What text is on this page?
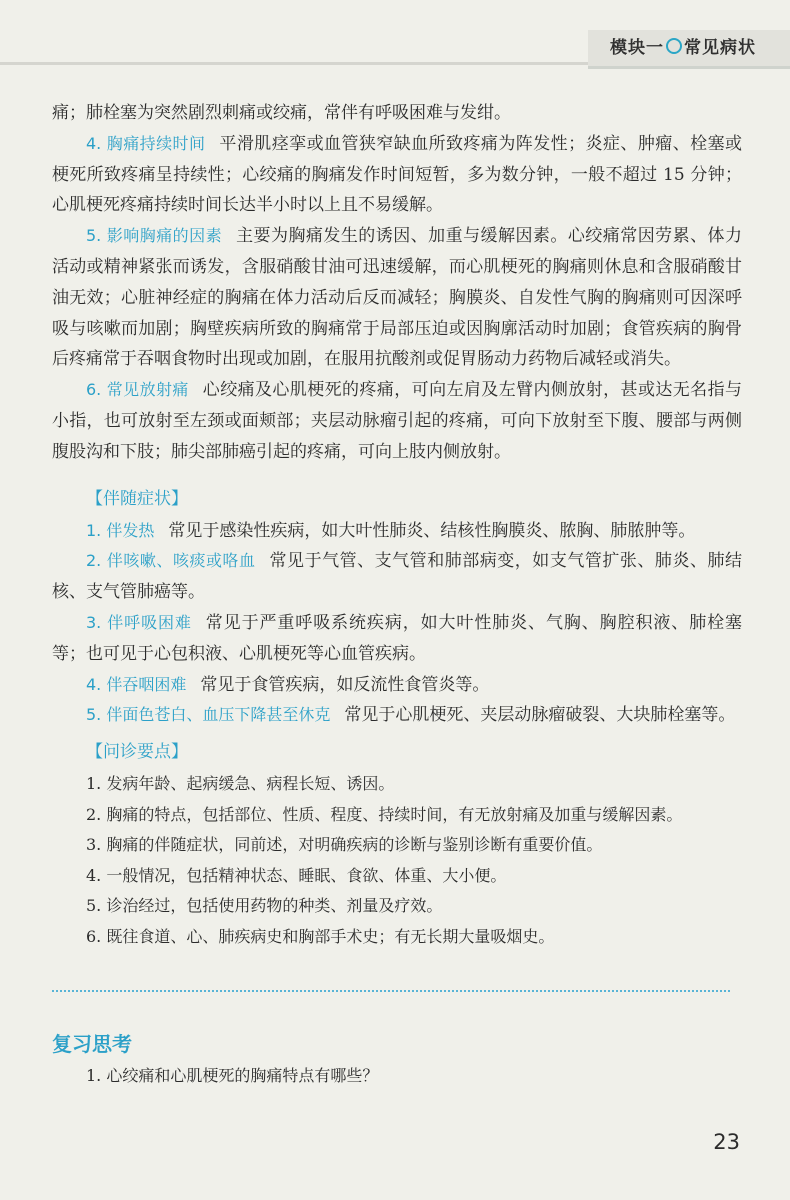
模块一 常见病状

痛；肺栓塞为突然剧烈刺痛或绞痛，常伴有呼吸困难与发绀。

4. 胸痛持续时间 平滑肌痉挛或血管狭窄缺血所致疼痛为阵发性；炎症、肿瘤、栓塞或梗死所致疼痛呈持续性；心绞痛的胸痛发作时间短暂，多为数分钟，一般不超过 15 分钟；心肌梗死疼痛持续时间长达半小时以上且不易缓解。

5. 影响胸痛的因素 主要为胸痛发生的诱因、加重与缓解因素。心绞痛常因劳累、体力活动或精神紧张而诱发，含服硝酸甘油可迅速缓解，而心肌梗死的胸痛则休息和含服硝酸甘油无效；心脏神经症的胸痛在体力活动后反而减轻；胸膜炎、自发性气胸的胸痛则可因深呼吸与咳嗽而加剧；胸壁疾病所致的胸痛常于局部压迫或因胸廓活动时加剧；食管疾病的胸骨后疼痛常于吞咽食物时出现或加剧，在服用抗酸剂或促胃肠动力药物后减轻或消失。

6. 常见放射痛 心绞痛及心肌梗死的疼痛，可向左肩及左臂内侧放射，甚或达无名指与小指，也可放射至左颈或面颊部；夹层动脉瘤引起的疼痛，可向下放射至下腹、腰部与两侧腹股沟和下肢；肺尖部肺癌引起的疼痛，可向上肢内侧放射。

【伴随症状】

1. 伴发热 常见于感染性疾病，如大叶性肺炎、结核性胸膜炎、脓胸、肺脓肿等。

2. 伴咳嗽、咳痰或咯血 常见于气管、支气管和肺部病变，如支气管扩张、肺炎、肺结核、支气管肺癌等。

3. 伴呼吸困难 常见于严重呼吸系统疾病，如大叶性肺炎、气胸、胸腔积液、肺栓塞等；也可见于心包积液、心肌梗死等心血管疾病。

4. 伴吞咽困难 常见于食管疾病，如反流性食管炎等。

5. 伴面色苍白、血压下降甚至休克 常见于心肌梗死、夹层动脉瘤破裂、大块肺栓塞等。

【问诊要点】
1. 发病年龄、起病缓急、病程长短、诱因。
2. 胸痛的特点，包括部位、性质、程度、持续时间，有无放射痛及加重与缓解因素。
3. 胸痛的伴随症状，同前述，对明确疾病的诊断与鉴别诊断有重要价值。
4. 一般情况，包括精神状态、睡眠、食欲、体重、大小便。
5. 诊治经过，包括使用药物的种类、剂量及疗效。
6. 既往食道、心、肺疾病史和胸部手术史；有无长期大量吸烟史。
复习思考
1. 心绞痛和心肌梗死的胸痛特点有哪些？
23
